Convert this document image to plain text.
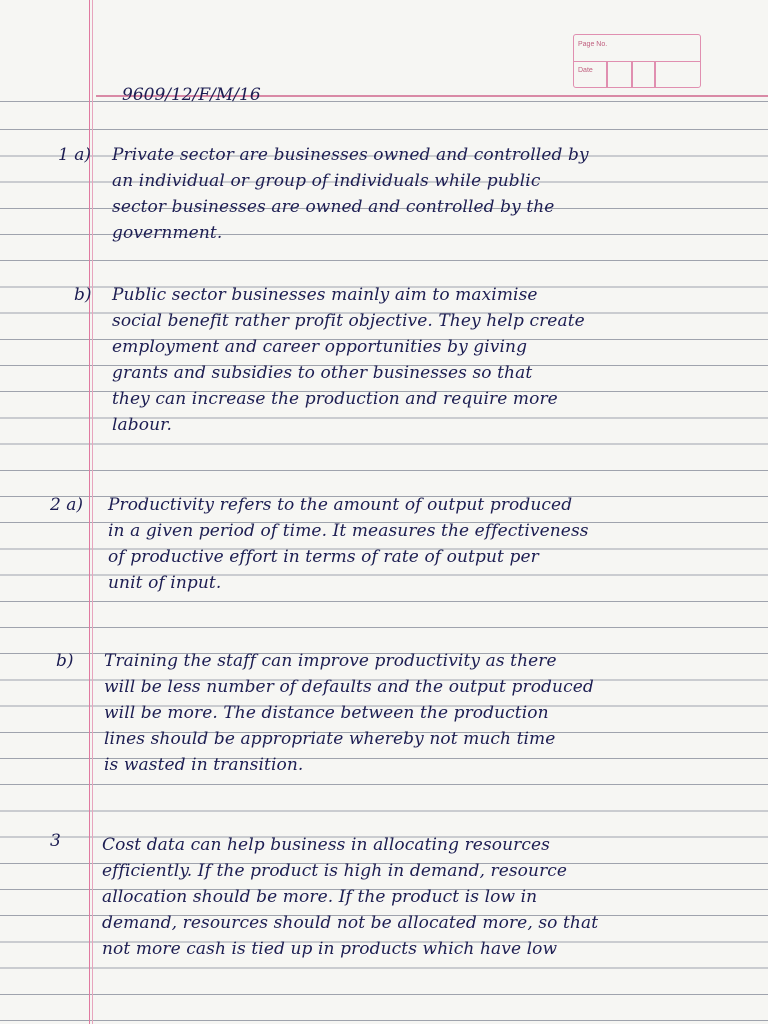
Page No.
Date
9609/12/F/M/16
1 a) Private sector are businesses owned and controlled by

an individual or group of individuals while public

sector businesses are owned and controlled by the

government.

b) Public sector businesses mainly aim to maximise

social benefit rather profit objective. They help create

employment and career opportunities by giving

grants and subsidies to other businesses so that

they can increase the production and require more

labour.

2 a) Productivity refers to the amount of output produced

in a given period of time. It measures the effectiveness

of productive effort in terms of rate of output per

unit of input.

b) Training the staff can improve productivity as there

will be less number of defaults and the output produced

will be more. The distance between the production

lines should be appropriate whereby not much time

is wasted in transition.

3 Cost data can help business in allocating resources

efficiently. If the product is high in demand, resource

allocation should be more. If the product is low in

demand, resources should not be allocated more, so that

not more cash is tied up in products which have low
